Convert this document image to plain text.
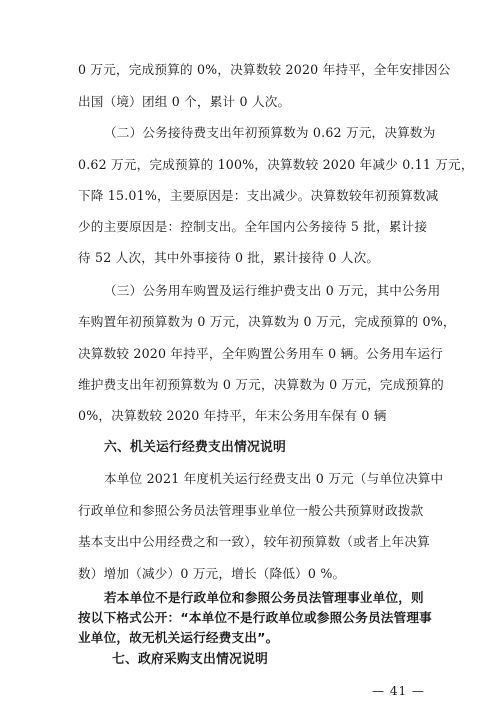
0 万元，完成预算的 0%，决算数较 2020 年持平，全年安排因公
出国（境）团组 0 个，累计 0 人次。
（二）公务接待费支出年初预算数为 0.62 万元，决算数为
0.62 万元，完成预算的 100%，决算数较 2020 年减少 0.11 万元，
下降 15.01%，主要原因是：支出减少。决算数较年初预算数减
少的主要原因是：控制支出。全年国内公务接待 5 批，累计接
待 52 人次，其中外事接待 0 批，累计接待 0 人次。
（三）公务用车购置及运行维护费支出 0 万元，其中公务用
车购置年初预算数为 0 万元，决算数为 0 万元，完成预算的 0%，
决算数较 2020 年持平，全年购置公务用车 0 辆。公务用车运行
维护费支出年初预算数为 0 万元，决算数为 0 万元，完成预算的
0%，决算数较 2020 年持平，年末公务用车保有 0 辆
六、机关运行经费支出情况说明
本单位 2021 年度机关运行经费支出 0 万元（与单位决算中
行政单位和参照公务员法管理事业单位一般公共预算财政拨款
基本支出中公用经费之和一致），较年初预算数（或者上年决算
数）增加（减少）0 万元，增长（降低）0 %。
若本单位不是行政单位和参照公务员法管理事业单位，则
按以下格式公开：“本单位不是行政单位或参照公务员法管理事
— 41 —
业单位，故无机关运行经费支出”。
七、政府采购支出情况说明
